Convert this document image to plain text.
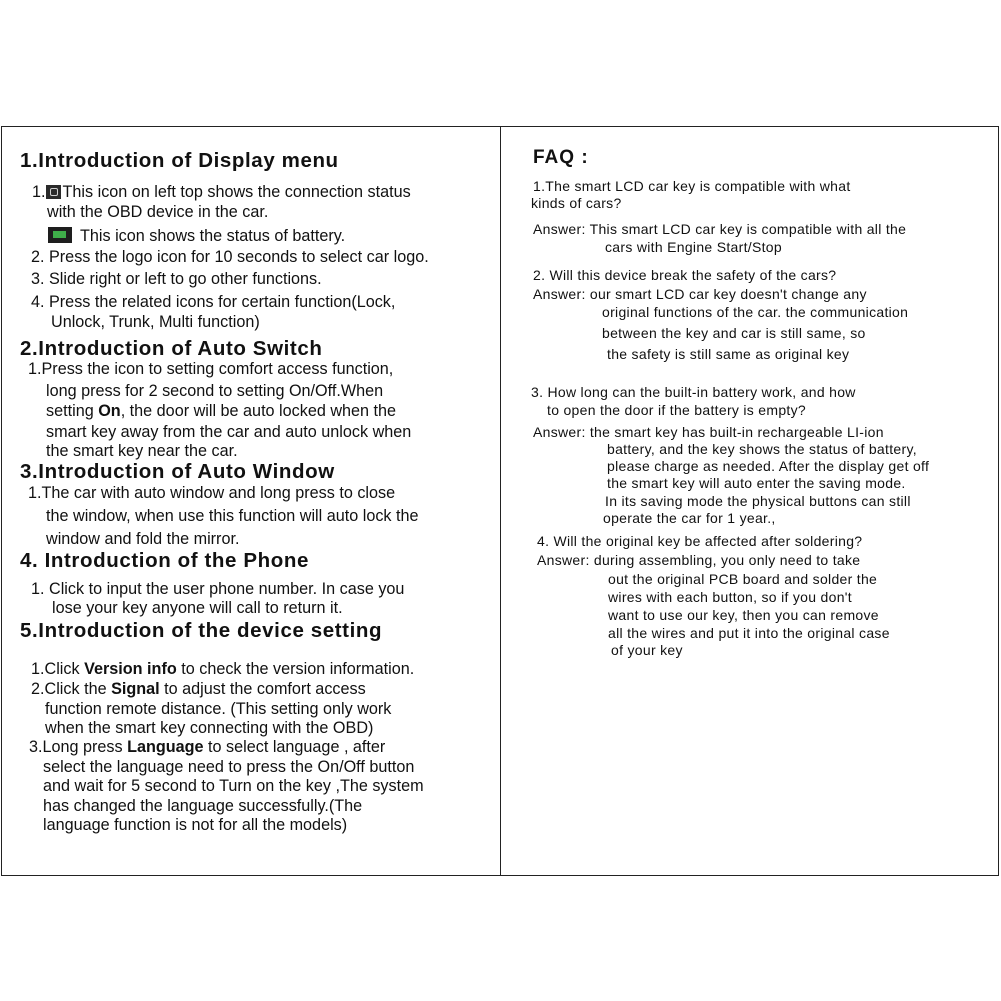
1.Introduction of Display menu
1. This icon on left top shows the connection status
with the OBD device in the car.
This icon shows the status of battery.
2. Press the logo icon for 10 seconds to select car logo.
3. Slide right or left to go other functions.
4. Press the related icons for certain function(Lock,
Unlock, Trunk, Multi function)
2.Introduction of Auto Switch
1.Press the icon to setting comfort access function,
long press for 2 second to setting On/Off.When
setting On, the door will be auto locked when the
smart key away from the car and auto unlock when
the smart key near the car.
3.Introduction of Auto Window
1.The car with auto window and long press to close
the window, when use this function will auto lock the
window and fold the mirror.
4. Introduction of the Phone
1. Click to input the user phone number. In case you
lose your key anyone will call to return it.
5.Introduction of the device setting
1.Click Version info to check the version information.
2.Click the Signal to adjust the comfort access
function remote distance. (This setting only work
when the smart key connecting with the OBD)
3.Long press Language to select language , after
select the language need to press the On/Off button
and wait for 5 second to Turn on the key ,The system
has changed the language successfully.(The
language function is not for all the models)
FAQ :
1.The smart LCD car key is compatible with what
kinds of cars?
Answer: This smart LCD car key is compatible with all the
cars with Engine Start/Stop
2. Will this device break the safety of the cars?
Answer: our smart LCD car key doesn't change any
original functions of the car. the communication
between the key and car is still same, so
the safety is still same as original key
3. How long can the built-in battery work, and how
to open the door if the battery is empty?
Answer: the smart key has built-in rechargeable LI-ion
battery, and the key shows the status of battery,
please charge as needed. After the display get off
the smart key will auto enter the saving mode.
In its saving mode the physical buttons can still
operate the car for 1 year.,
4. Will the original key be affected after soldering?
Answer: during assembling, you only need to take
out the original PCB board and solder the
wires with each button, so if you don't
want to use our key, then you can remove
all the wires and put it into the original case
of your key
